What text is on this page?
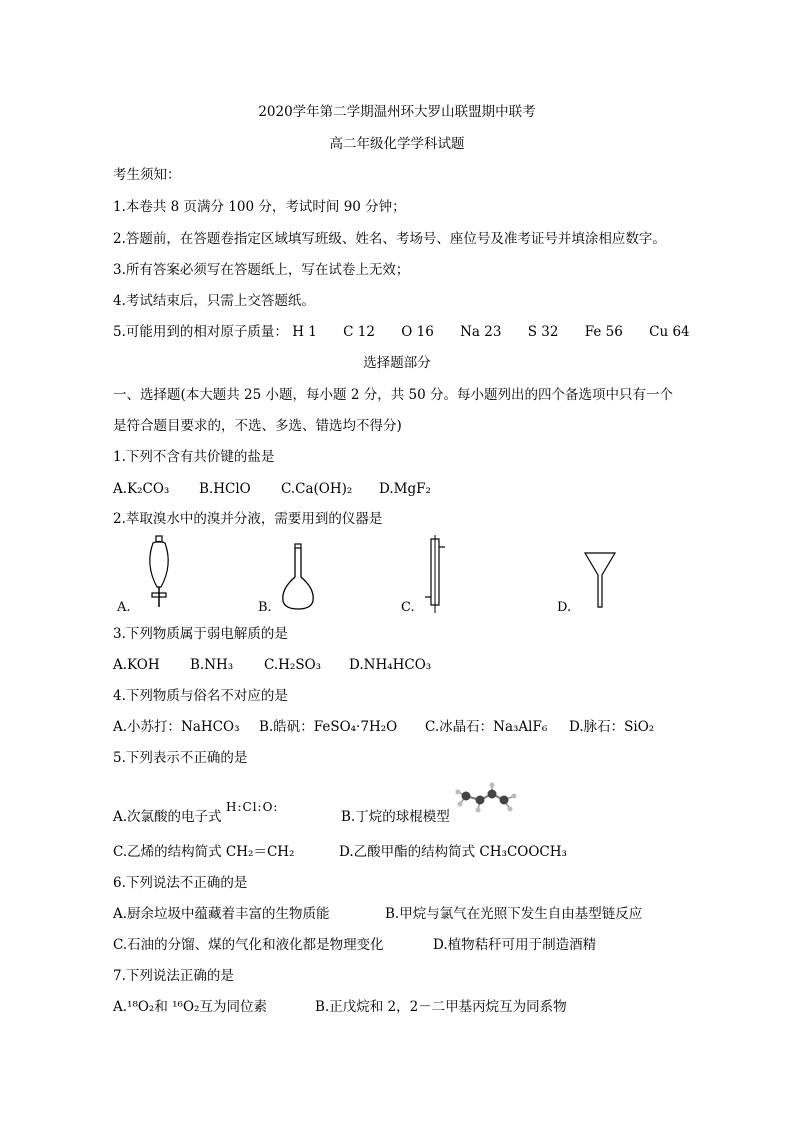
2020学年第二学期温州环大罗山联盟期中联考
高二年级化学学科试题
考生须知：
1.本卷共 8 页满分 100 分，考试时间 90 分钟；
2.答题前，在答题卷指定区域填写班级、姓名、考场号、座位号及准考证号并填涂相应数字。
3.所有答案必须写在答题纸上，写在试卷上无效；
4.考试结束后，只需上交答题纸。
5.可能用到的相对原子质量： H 1 C 12 O 16 Na 23 S 32 Fe 56 Cu 64
选择题部分
一、选择题(本大题共 25 小题，每小题 2 分，共 50 分。每小题列出的四个备选项中只有一个
是符合题目要求的，不选、多选、错选均不得分)
1.下列不含有共价键的盐是
A.K₂CO₃ B.HClO C.Ca(OH)₂ D.MgF₂
2.萃取溴水中的溴并分液，需要用到的仪器是
A.	B.	C.	D.
3.下列物质属于弱电解质的是
A.KOH B.NH₃ C.H₂SO₃ D.NH₄HCO₃
4.下列物质与俗名不对应的是
A.小苏打：NaHCO₃ B.皓矾：FeSO₄·7H₂O C.冰晶石：Na₃AlF₆ D.脉石：SiO₂
5.下列表示不正确的是
A.次氯酸的电子式
H:Cl:O:
B.丁烷的球棍模型
C.乙烯的结构简式 CH₂＝CH₂	D.乙酸甲酯的结构简式 CH₃COOCH₃
6.下列说法不正确的是
A.厨余垃圾中蕴藏着丰富的生物质能	B.甲烷与氯气在光照下发生自由基型链反应
C.石油的分馏、煤的气化和液化都是物理变化	D.植物秸秆可用于制造酒精
7.下列说法正确的是
A.¹⁸O₂和 ¹⁶O₂互为同位素	B.正戊烷和 2，2－二甲基丙烷互为同系物
